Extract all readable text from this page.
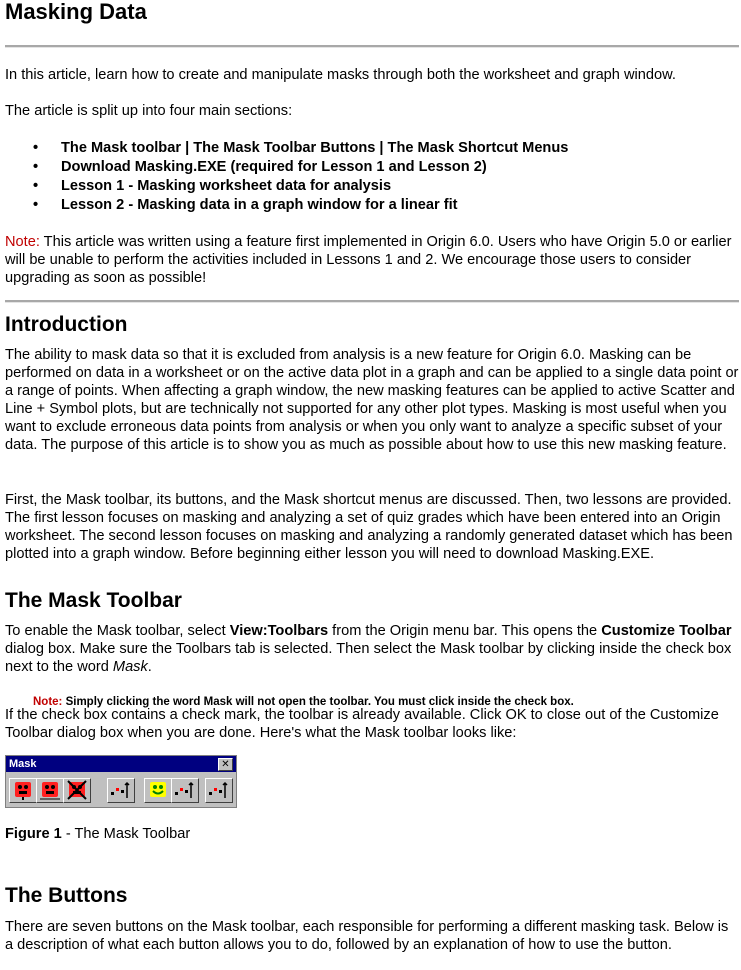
Masking Data

In this article, learn how to create and manipulate masks through both the worksheet and graph window.

The article is split up into four main sections:

• The Mask toolbar | The Mask Toolbar Buttons | The Mask Shortcut Menus
• Download Masking.EXE (required for Lesson 1 and Lesson 2)
• Lesson 1 - Masking worksheet data for analysis
• Lesson 2 - Masking data in a graph window for a linear fit

Note: This article was written using a feature first implemented in Origin 6.0. Users who have Origin 5.0 or earlier will be unable to perform the activities included in Lessons 1 and 2. We encourage those users to consider upgrading as soon as possible!

Introduction

The ability to mask data so that it is excluded from analysis is a new feature for Origin 6.0. Masking can be performed on data in a worksheet or on the active data plot in a graph and can be applied to a single data point or a range of points. When affecting a graph window, the new masking features can be applied to active Scatter and Line + Symbol plots, but are technically not supported for any other plot types. Masking is most useful when you want to exclude erroneous data points from analysis or when you only want to analyze a specific subset of your data. The purpose of this article is to show you as much as possible about how to use this new masking feature.

First, the Mask toolbar, its buttons, and the Mask shortcut menus are discussed. Then, two lessons are provided. The first lesson focuses on masking and analyzing a set of quiz grades which have been entered into an Origin worksheet. The second lesson focuses on masking and analyzing a randomly generated dataset which has been plotted into a graph window. Before beginning either lesson you will need to download Masking.EXE.

The Mask Toolbar

To enable the Mask toolbar, select View:Toolbars from the Origin menu bar. This opens the Customize Toolbar dialog box. Make sure the Toolbars tab is selected. Then select the Mask toolbar by clicking inside the check box next to the word Mask.

Note: Simply clicking the word Mask will not open the toolbar. You must click inside the check box.

If the check box contains a check mark, the toolbar is already available. Click OK to close out of the Customize Toolbar dialog box when you are done. Here's what the Mask toolbar looks like:

Mask	✕

Figure 1 - The Mask Toolbar

The Buttons

There are seven buttons on the Mask toolbar, each responsible for performing a different masking task. Below is a description of what each button allows you to do, followed by an explanation of how to use the button.
